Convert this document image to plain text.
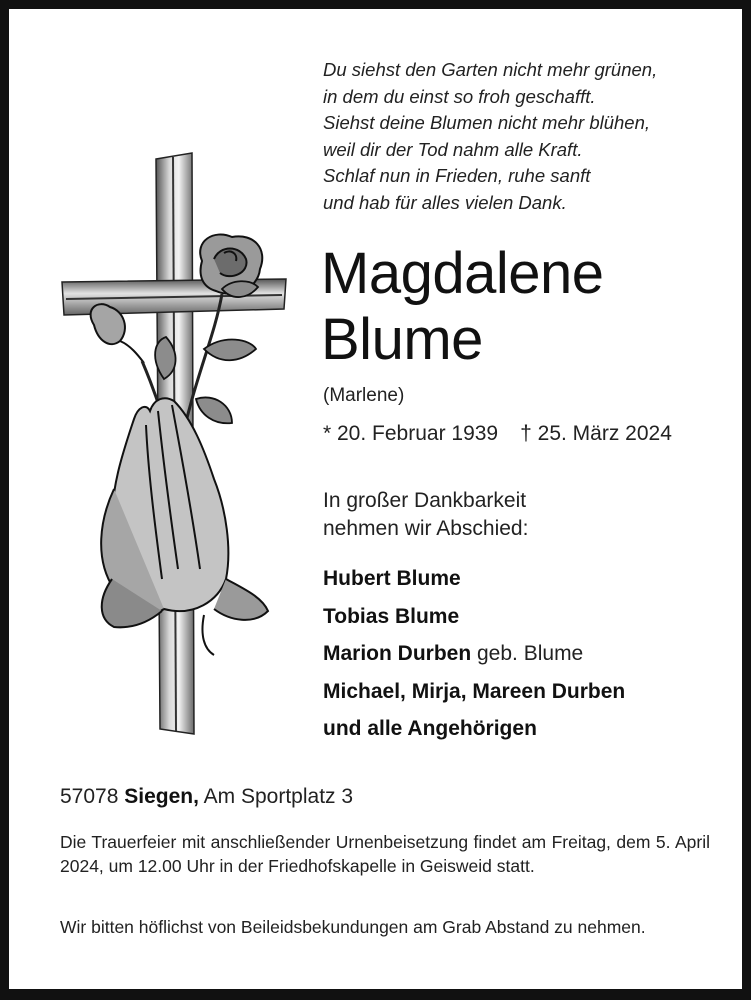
Du siehst den Garten nicht mehr grünen,
in dem du einst so froh geschafft.
Siehst deine Blumen nicht mehr blühen,
weil dir der Tod nahm alle Kraft.
Schlaf nun in Frieden, ruhe sanft
und hab für alles vielen Dank.
Magdalene
Blume
(Marlene)
* 20. Februar 1939 † 25. März 2024
In großer Dankbarkeit
nehmen wir Abschied:
Hubert Blume
Tobias Blume
Marion Durben geb. Blume
Michael, Mirja, Mareen Durben
und alle Angehörigen
57078 Siegen, Am Sportplatz 3
Die Trauerfeier mit anschließender Urnenbeisetzung findet am Freitag, dem 5. April 2024, um 12.00 Uhr in der Friedhofskapelle in Geisweid statt.
Wir bitten höflichst von Beileidsbekundungen am Grab Abstand zu nehmen.
